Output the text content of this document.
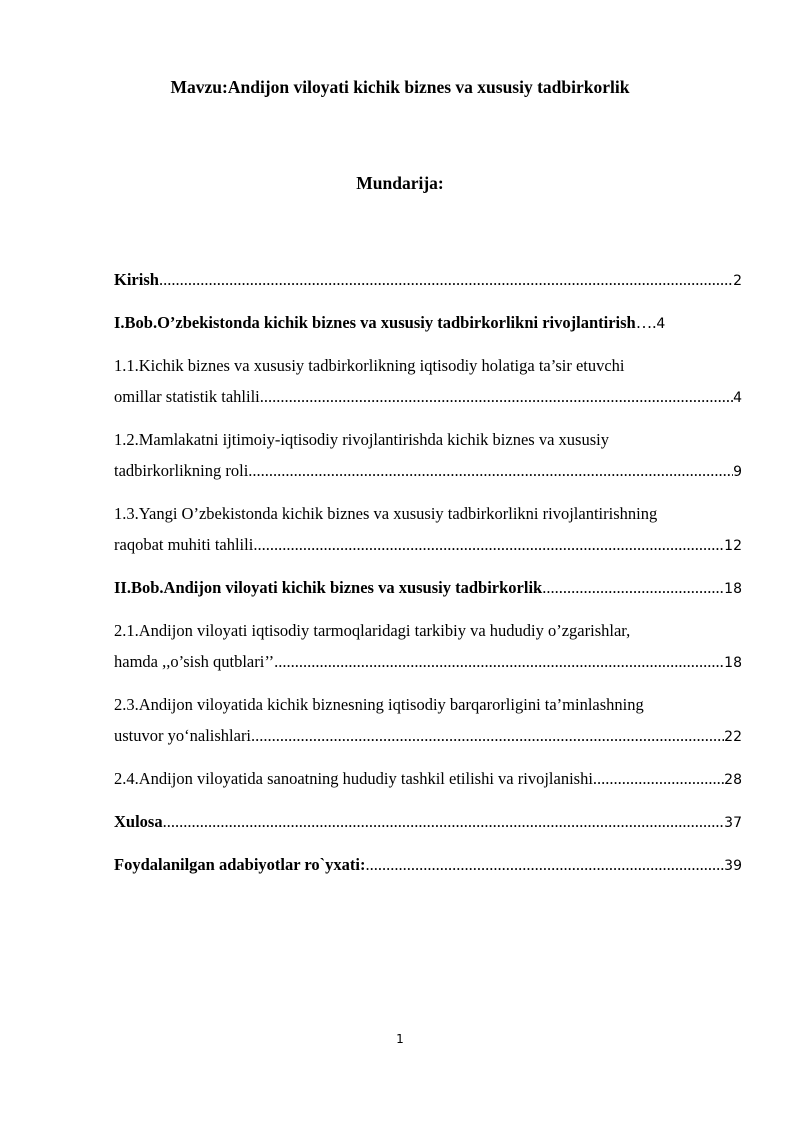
Mavzu:Andijon viloyati kichik biznes va xususiy tadbirkorlik
Mundarija:
Kirish .....	2
I.Bob.O’zbekistonda kichik biznes va xususiy tadbirkorlikni rivojlantirish …. 4
1.1.Kichik biznes va xususiy tadbirkorlikning iqtisodiy holatiga ta’sir etuvchi
omillar statistik tahlili .....	4
1.2.Mamlakatni ijtimoiy-iqtisodiy rivojlantirishda kichik biznes va xususiy
tadbirkorlikning roli .....	9
1.3.Yangi O’zbekistonda kichik biznes va xususiy tadbirkorlikni rivojlantirishning
raqobat muhiti tahlili .....	12
II.Bob.Andijon viloyati kichik biznes va xususiy tadbirkorlik .....	18
2.1.Andijon viloyati iqtisodiy tarmoqlaridagi tarkibiy va hududiy o’zgarishlar,
hamda ,,o’sish qutblari’’ .....	18
2.3.Andijon viloyatida kichik biznesning iqtisodiy barqarorligini ta’minlashning
ustuvor yo‘nalishlari .....	22
2.4.Andijon viloyatida sanoatning hududiy tashkil etilishi va rivojlanishi .....	28
Xulosa .....	37
Foydalanilgan adabiyotlar ro`yxati: .....	39
1
